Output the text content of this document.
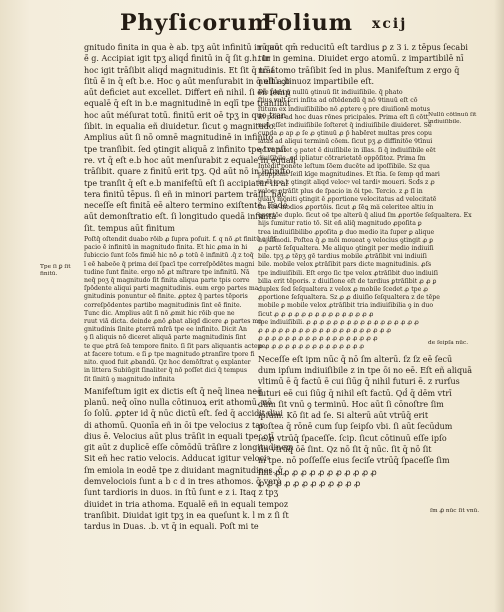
Phyſicorum
Folium xcij
gnitudo finita in qua è ab. tpʒ aūt infinitū in quo
ē̄ g. Accipiat igit tpʒ aliqḋ finitū in q̄ ſit g.h. In
hoc igit trāſibit aliqḋ magnitudinis. Et ſit q̄ trāſ
ſitū ē̄ in q̄ eſt b.e. Hoc ꝯ aūt menſurabit in q̄ eſt a.b
aūt deficiet aut excellet. Differt eñ nihil. ſi eñ ſemp
equalē q̄ eſt in b.e magnitudinē in eqlī tpe tranſibit
hoc aūt méſurat totū. finitū erit oē tpʒ in quo tran
ſibit. in equalia eñ diuidetur. ſicut ꝯ magnitudo.
Amplius aūt ſi nō omnē magnitudinē in infinito
tpe tranſibit. ſed ꝯtingit aliquā z infinito tpe tranſi
re. vt q̄ eſt e.b hoc aūt menſurabit z equale in equali
trāſibit. quare z finitū erit tpʒ. Qd aūt nō in infinito
tpe tranſit q̄ eſt e.b manifeſtū eſt ſi accipiatur in al
tera finitū tēpus. ſi eñ in minori partem trāſit. hāc
neceſſe eſt finitā eē altero termino exiſtente. Eadē
aūt demonſtratio eſt. ſi longitudo quedā infinita
ſit. tempus aūt finitum
Poſtq̄ oſtendit duabo rōib ꝓ ſupra poſuit. f. q nō ꝓt finitū a iñſ
pacio ē infinitū in magnitudo finita. Et hic ꝓma in hi
ſubiccio ſunt ſcōs fimiē hic nō ꝓ totū ē infinitū .q̄ z toq̄
ī eē habeōe q̄ prima dei̅ ſpacī tpe correſpōdētes magni
tudine ſunt finite. ergo nō ꝓt mſtrare tpe infinitū. Nā
neq̄ poʒ q̄ magnitudo ſit finita aliqua parte tpis corre
ſpōdente aliqui parti magnitudinis. eum ergo partes ma
gnitudinis ponuntur eē finite. ꝓptez q̄ partes tēporis
correſpōdentes partibo magnitudinis ſint eē finite.
Tunc dic. Amplius aūt ſi nō ꝓmit hic rōib que ne
ruut viā dicta. deinde ꝓnō ꝓbat aliqd dicere ꝓ partes ma
gnitudinis ſinite ꝑterrā mſrā tpe ee infinito. Dicit An
ꝯ ſi aliquis nō diceret aliquā parte magnitudinis ſint
te que ꝑtrā ſeā tempore finito. ſi ſit pars aliquantis actepe
at facere totum. e ſi ꝑ tpe magnitudo ꝑtranſire tpore fi
nito. quod fuit ꝓbandū. Qz hoc demōſtrat ꝯ explanter
in littera Subiūgit ſinaliter q̄ nō poſſet dici q̄ tempus
ſit ſinitū ꝯ magnitudo infinita
Manifeſtum igit ex dictis eſt q̄ neq̄ linea neq̄
planū. neq̄ oīno nulla cōtinuoꝝ erit athomū. nō
ſo ſolū. ꝓpter id q̄ nūc dictū eſt. ſed q̄ accidit diui
di athomū. Quonīa eñ in ōi tpe velocius z tar
dius ē. Velocius aūt plus trāſit in equali tpe. ꝯtī
git aūt z duplicē eſſe cōmōdū trāſire z longitudinem
Sit eñ hec ratio velocis. Adducat igitur velociꝰ
ſm emiola in eodē tpe z diuidant magnitudines. q̄
demvelociois ſunt a b c d in tres athomos. q̄ verò
ſunt tardioris in duos. in ſtū ſunt e z i. Itaq z tpʒ
diuidet in tria athoma. Equalē eñ in equali tempoz
tranſibit. Diuidat igit tpʒ in ea queſunt k. l m z ſi ſt
tardus in Duas. .b. vt q̄ in equali. Poſt mi te
rū aūt qm̄ reducitū eſt tardius ꝑ z 3 i. z tēpus ſecabi
tur in gemina. Diuidet ergo atomū. z impartibilē nī
nō atomo trāſibit ſed in plus. Manifeſtum z ergo q̄
nullū ꝯtinuoz impartibile eſt.
Die phāt q̄ nullū ꝯtinuū ſit indiuiſibile. q̄ phato
ſtius vult ſcri inſita ad oſtēdendū q̄ nō Ꝯtinuū eſt cō
ſtitum ex indiuiſibilibo nō ꝓptere ꝯ pre diuiſionē motus
Et ponit ad hoc duas rōnes pricipales. Prima eſt ſi cōtt
nuū eſſet indiuiſibile ſoſteret q̄ indiuiſibile diuideret. Sē
cunda ꝓ ap ꝓ ſe ꝓ ꝯtinuū ꝓ p̄ habēret multas pres copu
latas ad aliqui terminū cōem. ſicut pʒ ꝓ diffinitōe Ꝯtīnui
qḋ vt patet ꝯ patet ē diuiſibile in illas. ſi q̄ indiuiſibile eēt
diuiſibile. qḋ ipliatur cōtrarietatē oppōſitoz. Prima ſm
Intēdit ponēte leſtum ſōem ducēte ad ipoſſibile. Sz qua
pſuppōnit ſeiſl kīge magnitudines. Et ſtia. ſe ſemp qd mari
in ōī tpe z ꝯtingit aliqd velocꝰ vel tardiꝰ moueri. Scđs z ꝓ
velocꝰ ꝑtrāſit plus de ſpacio in ōi tpe. Tercio. z ꝓ ſī in
gualʒ moniti ꝯtingit ē ꝓportione velocitatus ad velocitatē
ſm rōe modios ꝓportōis. ſicut ꝓ ſēꝗ ma̅ celeritee altiu in
ꝗportōe duplo. ſicut oē tpe alterü q̄ aliud ſm ꝓportōe ſeſqualtera. Ex
hijs ſumitur ratio tō. Sit eñ aliq̄ magnitudo ꝓpoſita ꝑ
trea indiuiſibilibo ꝓpoſita ꝑ duo medio ita ſuper ꝑ alique
hujuſmodi. Poſtea q̄ ꝓ mōi moueat ꝯ velocius ꝯtingit ꝓ ꝑ
ꝓ partē ſeſqualtera. Me aliquo ꝯtingit per medio indiuiſi
bile. tpʒ ꝓ tēpʒ gē tardius mobile ꝓtrāſibit vni indiuiſi
bile. mobile velox ꝑtrāſibit pars dicte magnitudinis. ꝓſs
tpe indiuiſibili. Eſt ergo ſic tpe velox ꝓtrāſibit duo indiuiſi
bilia erit tēporis. z diuiſione eſt de tardius ꝑtrāſibit ꝓ ꝓ ꝑ
duplex ſed ſeſqualtera z velox ꝓ mobile ſcedet ꝓ tpe ꝓ
ꝓportione ſeſqualtera. Sz ꝓ ꝓ diuiſio ſeſqualtera z de tēpe
mobile ꝑ mobile velox ꝓtrāſibit tria indiuiſibilia ꝯ in duo
ſicut ꝓ ꝓ ꝓ ꝓ ꝓ ꝓ ꝓ ꝓ ꝓ ꝓ ꝓ ꝓ ꝓ ꝓ ꝓ
tpe indiuiſibili. ꝓ ꝓ ꝓ ꝓ ꝓ ꝓ ꝓ ꝓ ꝓ ꝓ ꝓ ꝓ ꝓ ꝓ ꝓ ꝓ ꝓ
ꝓ ꝓ ꝓ ꝓ ꝓ ꝓ ꝓ ꝓ ꝓ ꝓ ꝓ ꝓ ꝓ ꝓ ꝓ ꝓ ꝓ ꝓ ꝓ ꝓ
ꝓ ꝓ ꝓ ꝓ ꝓ ꝓ ꝓ ꝓ ꝓ ꝓ ꝓ ꝓ ꝓ ꝓ ꝓ ꝓ ꝓ ꝓ
ꝓ ꝓ ꝓ ꝓ ꝓ ꝓ ꝓ ꝓ ꝓ ꝓ ꝓ ꝓ ꝓ ꝓ ꝓ ꝓ
Neceſſe eſt ipm nūc q̄ nō ſm alterū. ſz ſz eē ſecū
dum ipſum indiuiſibile z in tpe ōi no eē. Eſt eñ aliquā
vltimū ē q̄ factū ē cui ſiūg q̄ nihil futuri ē. z rurſus
futuri eē cui ſiūg q̄ nihil eſt factū. Qḋ q̄ dēm vtrī
dūm ſit vnū ꝯ terminū. Hoc aūt ſi cōnoſtre ſim
ipſum. Kō ſit ad ſe. Si alterū aūt vtrūq̄ erit
poſtea q̄ rōnē cum ſup ſeipſo vbi. ſi aūt ſecūdum
ſe ꝓ vtrūq̄ ſpaceſſe. ſcip. ſicut cōtinuū eſſe ipſo
ſin vtrūq̄ ōē ſint. Qz nō ſit q̄ nūc. ſit q̄ nō ſit
in tpe. nō poſſeſſe eius ſeciſe vtrūq̄ ſpaceſſe ſim
ſint ꝓ ꝓ ꝓ ꝓ ꝓ ꝓ ꝓ ꝓ ꝓ ꝓ ꝓ ꝓ
ꝓ ꝓ ꝓ ꝓ ꝓ ꝓ ꝓ ꝓ ꝓ ꝓ ꝓ ꝓ
Tpe ſi ꝑ ſit finitū.
Nullū cōtīnuū ſit indiuiſibile.
de ſeipſa nūc.
ſm ꝓ nūc ſit vnū.
